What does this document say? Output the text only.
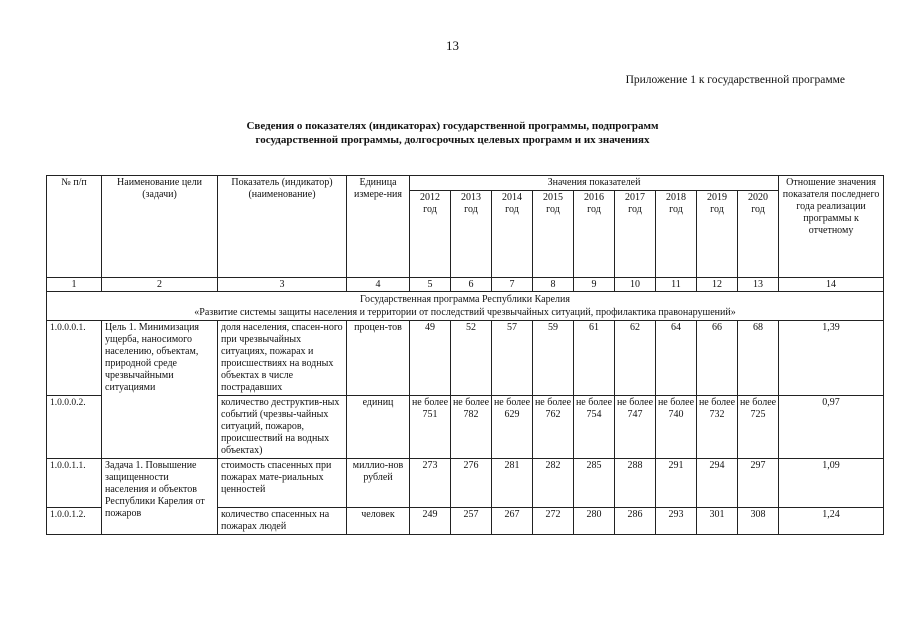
13
Приложение 1 к государственной программе
Сведения о показателях (индикаторах) государственной программы, подпрограмм
государственной программы, долгосрочных целевых программ и их значениях
№ п/п	Наименование цели (задачи)	Показатель (индикатор) (наименование)	Единица измере-ния	Значения показателей									Отношение значения показателя последнего года реализации программы к отчетному
				2012 год	2013 год	2014 год	2015 год	2016 год	2017 год	2018 год	2019 год	2020 год	
1	2	3	4	5	6	7	8	9	10	11	12	13	14

Государственная программа Республики Карелия
«Развитие системы защиты населения и территории от последствий чрезвычайных ситуаций, профилактика правонарушений»													

1.0.0.0.1.	Цель 1. Минимизация ущерба, наносимого населению, объектам, природной среде чрезвычайными ситуациями	доля населения, спасен-ного при чрезвычайных ситуациях, пожарах и происшествиях на водных объектах в числе пострадавших	процен-тов	49	52	57	59	61	62	64	66	68	1,39
1.0.0.0.2.		количество деструктив-ных событий (чрезвы-чайных ситуаций, пожаров, происшествий на водных объектах)	единиц	не более 751	не более 782	не более 629	не более 762	не более 754	не более 747	не более 740	не более 732	не более 725	0,97
1.0.0.1.1.	Задача 1. Повышение защищенности населения и объектов Республики Карелия от пожаров	стоимость спасенных при пожарах мате-риальных ценностей	миллио-нов рублей	273	276	281	282	285	288	291	294	297	1,09
1.0.0.1.2.		количество спасенных на пожарах людей	человек	249	257	267	272	280	286	293	301	308	1,24
